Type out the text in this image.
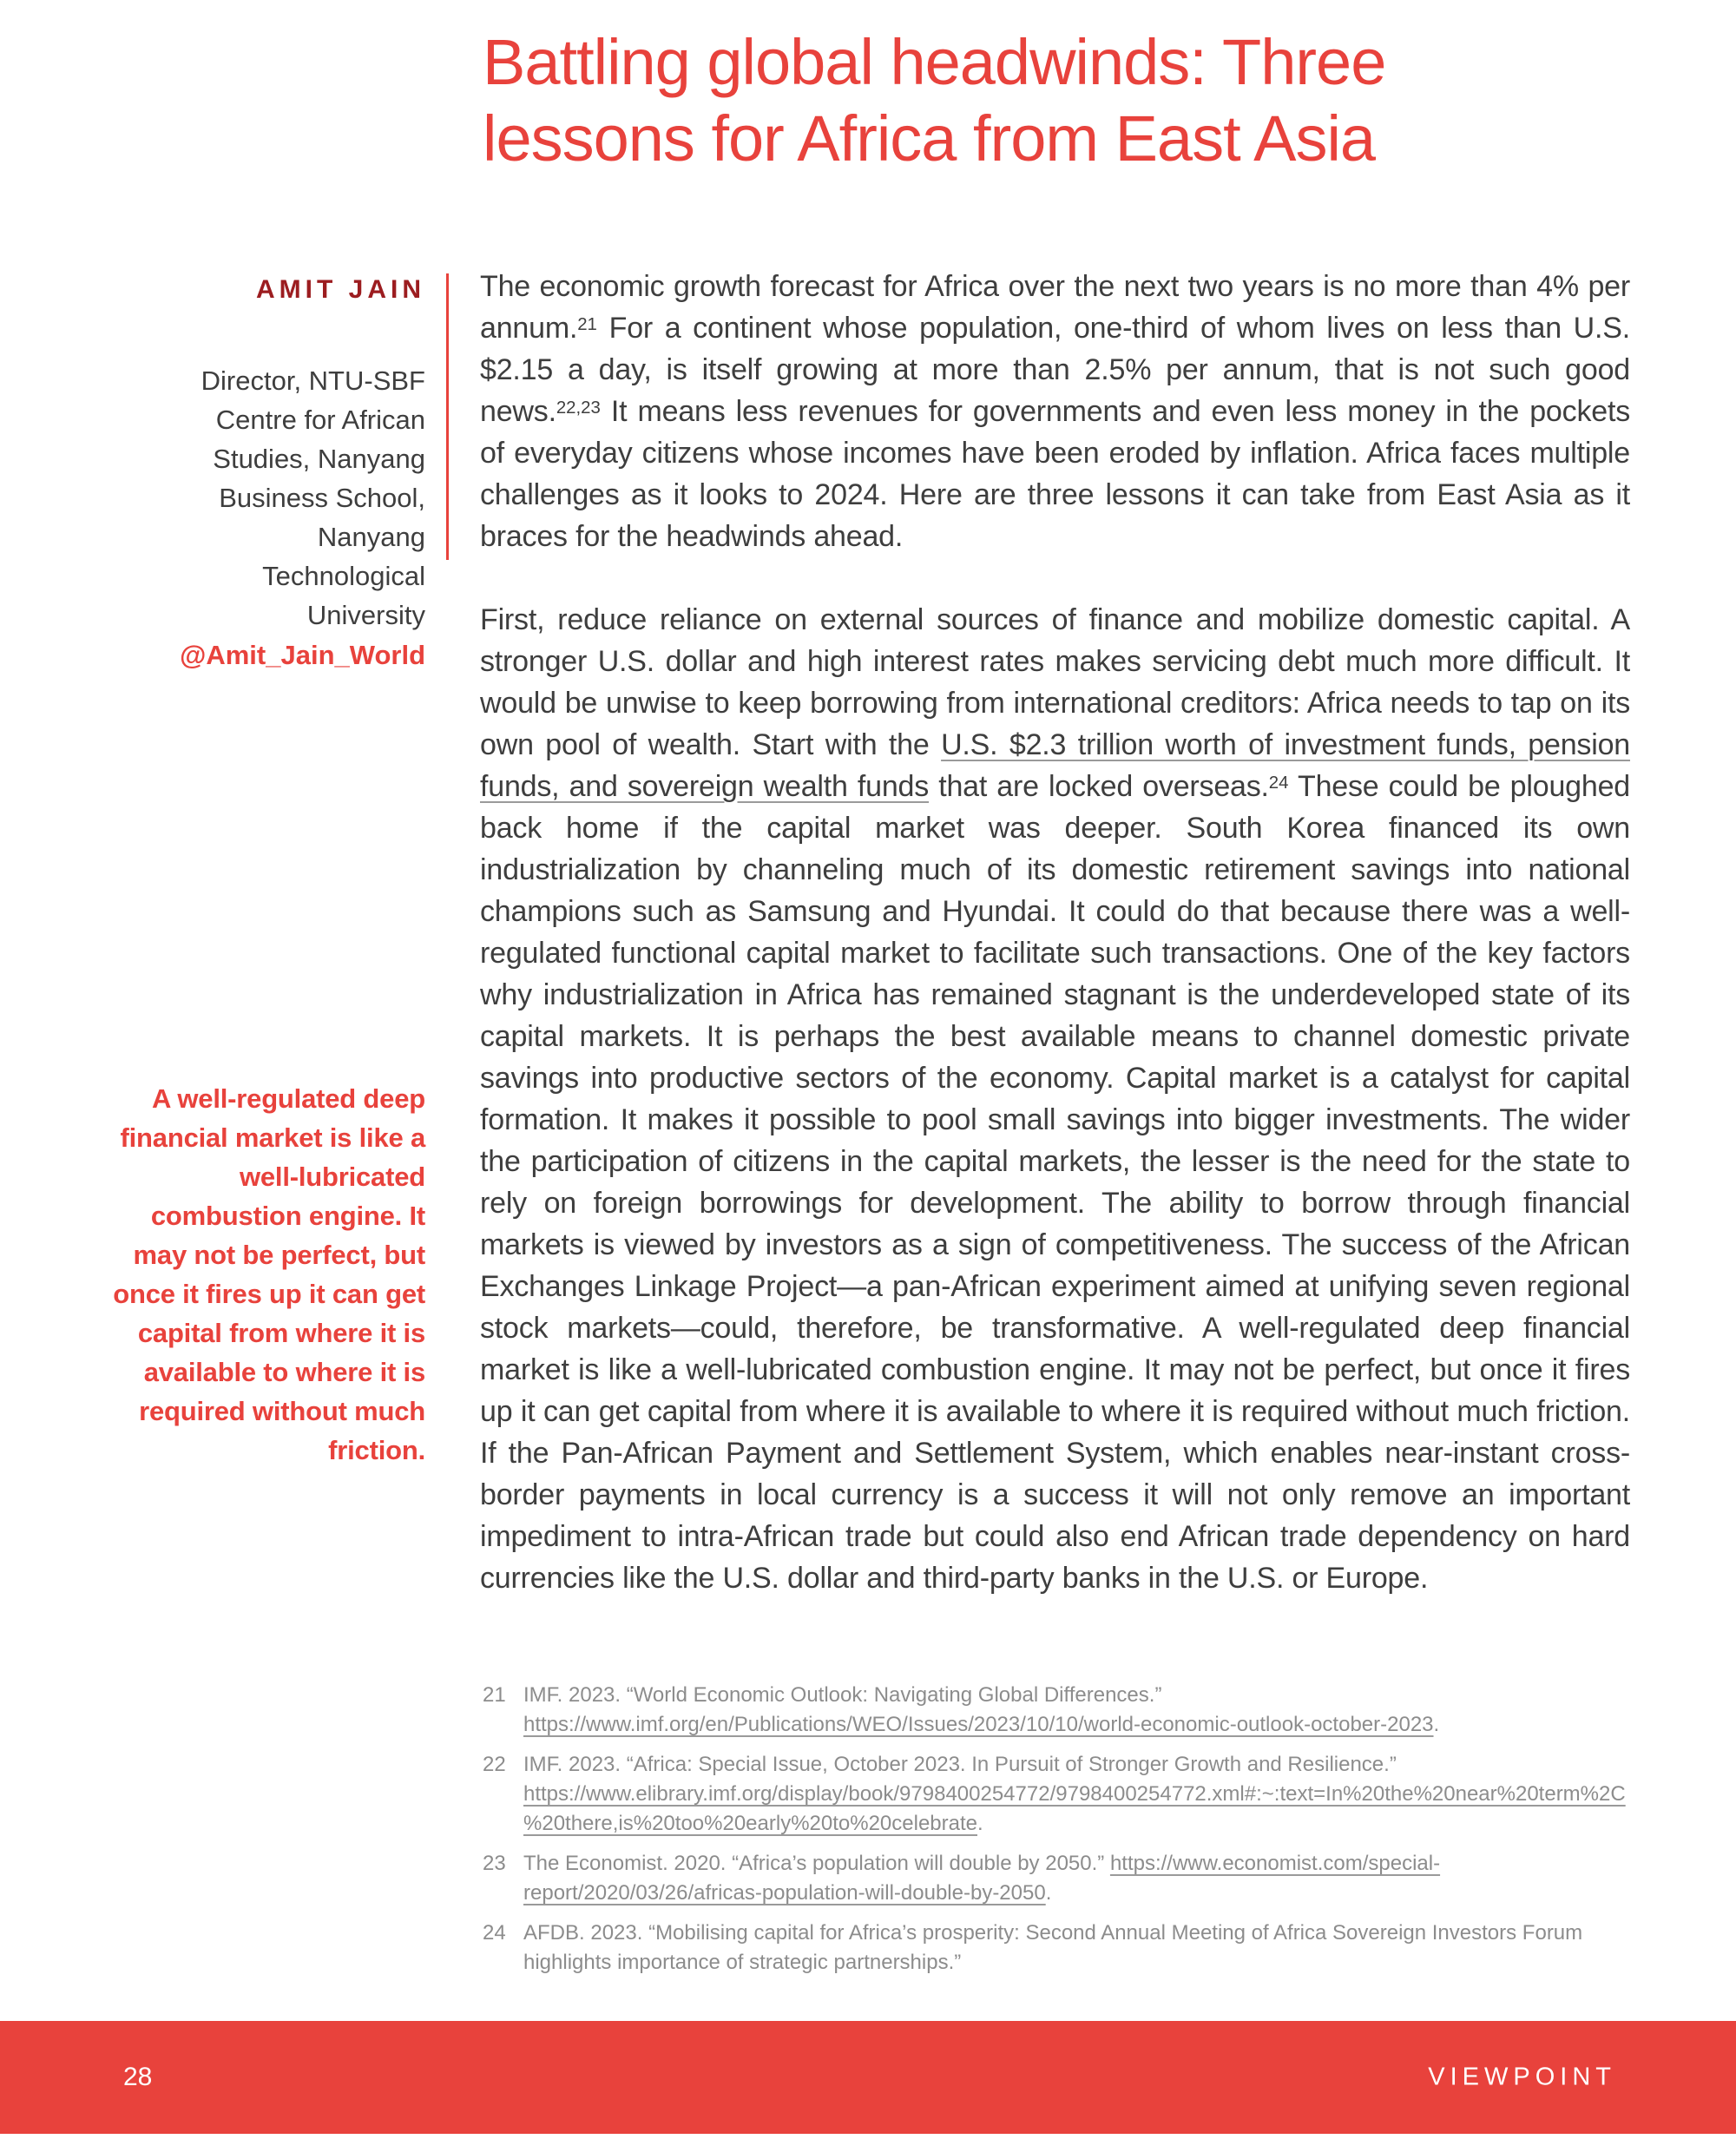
Battling global headwinds: Three
lessons for Africa from East Asia
AMIT JAIN
Director, NTU-SBF Centre for African Studies, Nanyang Business School, Nanyang Technological University
@Amit_Jain_World

The economic growth forecast for Africa over the next two years is no more than 4% per annum.$^{21}$ For a continent whose population, one-third of whom lives on less than U.S. $2.15 a day, is itself growing at more than 2.5% per annum, that is not such good news.$^{22,23}$ It means less revenues for governments and even less money in the pockets of everyday citizens whose incomes have been eroded by inflation. Africa faces multiple challenges as it looks to 2024. Here are three lessons it can take from East Asia as it braces for the headwinds ahead.

First, reduce reliance on external sources of finance and mobilize domestic capital. A stronger U.S. dollar and high interest rates makes servicing debt much more difficult. It would be unwise to keep borrowing from international creditors: Africa needs to tap on its own pool of wealth. Start with the U.S. $2.3 trillion worth of investment funds, pension funds, and sovereign wealth funds that are locked overseas.$^{24}$ These could be ploughed back home if the capital market was deeper. South Korea financed its own industrialization by channeling much of its domestic retirement savings into national champions such as Samsung and Hyundai. It could do that because there was a well-regulated functional capital market to facilitate such transactions. One of the key factors why industrialization in Africa has remained stagnant is the underdeveloped state of its capital markets. It is perhaps the best available means to channel domestic private savings into productive sectors of the economy. Capital market is a catalyst for capital formation. It makes it possible to pool small savings into bigger investments. The wider the participation of citizens in the capital markets, the lesser is the need for the state to rely on foreign borrowings for development. The ability to borrow through financial markets is viewed by investors as a sign of competitiveness. The success of the African Exchanges Linkage Project—a pan-African experiment aimed at unifying seven regional stock markets—could, therefore, be transformative. A well-regulated deep financial market is like a well-lubricated combustion engine. It may not be perfect, but once it fires up it can get capital from where it is available to where it is required without much friction. If the Pan-African Payment and Settlement System, which enables near-instant cross-border payments in local currency is a success it will not only remove an important impediment to intra-African trade but could also end African trade dependency on hard currencies like the U.S. dollar and third-party banks in the U.S. or Europe.

A well-regulated deep financial market is like a well-lubricated combustion engine. It may not be perfect, but once it fires up it can get capital from where it is available to where it is required without much friction.
21 IMF. 2023. “World Economic Outlook: Navigating Global Differences.” https://www.imf.org/en/Publications/WEO/Issues/2023/10/10/world-economic-outlook-october-2023.
22 IMF. 2023. “Africa: Special Issue, October 2023. In Pursuit of Stronger Growth and Resilience.” https://www.elibrary.imf.org/display/book/9798400254772/9798400254772.xml#:~:text=In%20the%20near%20term%2C%20there,is%20too%20early%20to%20celebrate.
23 The Economist. 2020. “Africa’s population will double by 2050.” https://www.economist.com/special-report/2020/03/26/africas-population-will-double-by-2050.
24 AFDB. 2023. “Mobilising capital for Africa’s prosperity: Second Annual Meeting of Africa Sovereign Investors Forum highlights importance of strategic partnerships.”
28	VIEWPOINT
